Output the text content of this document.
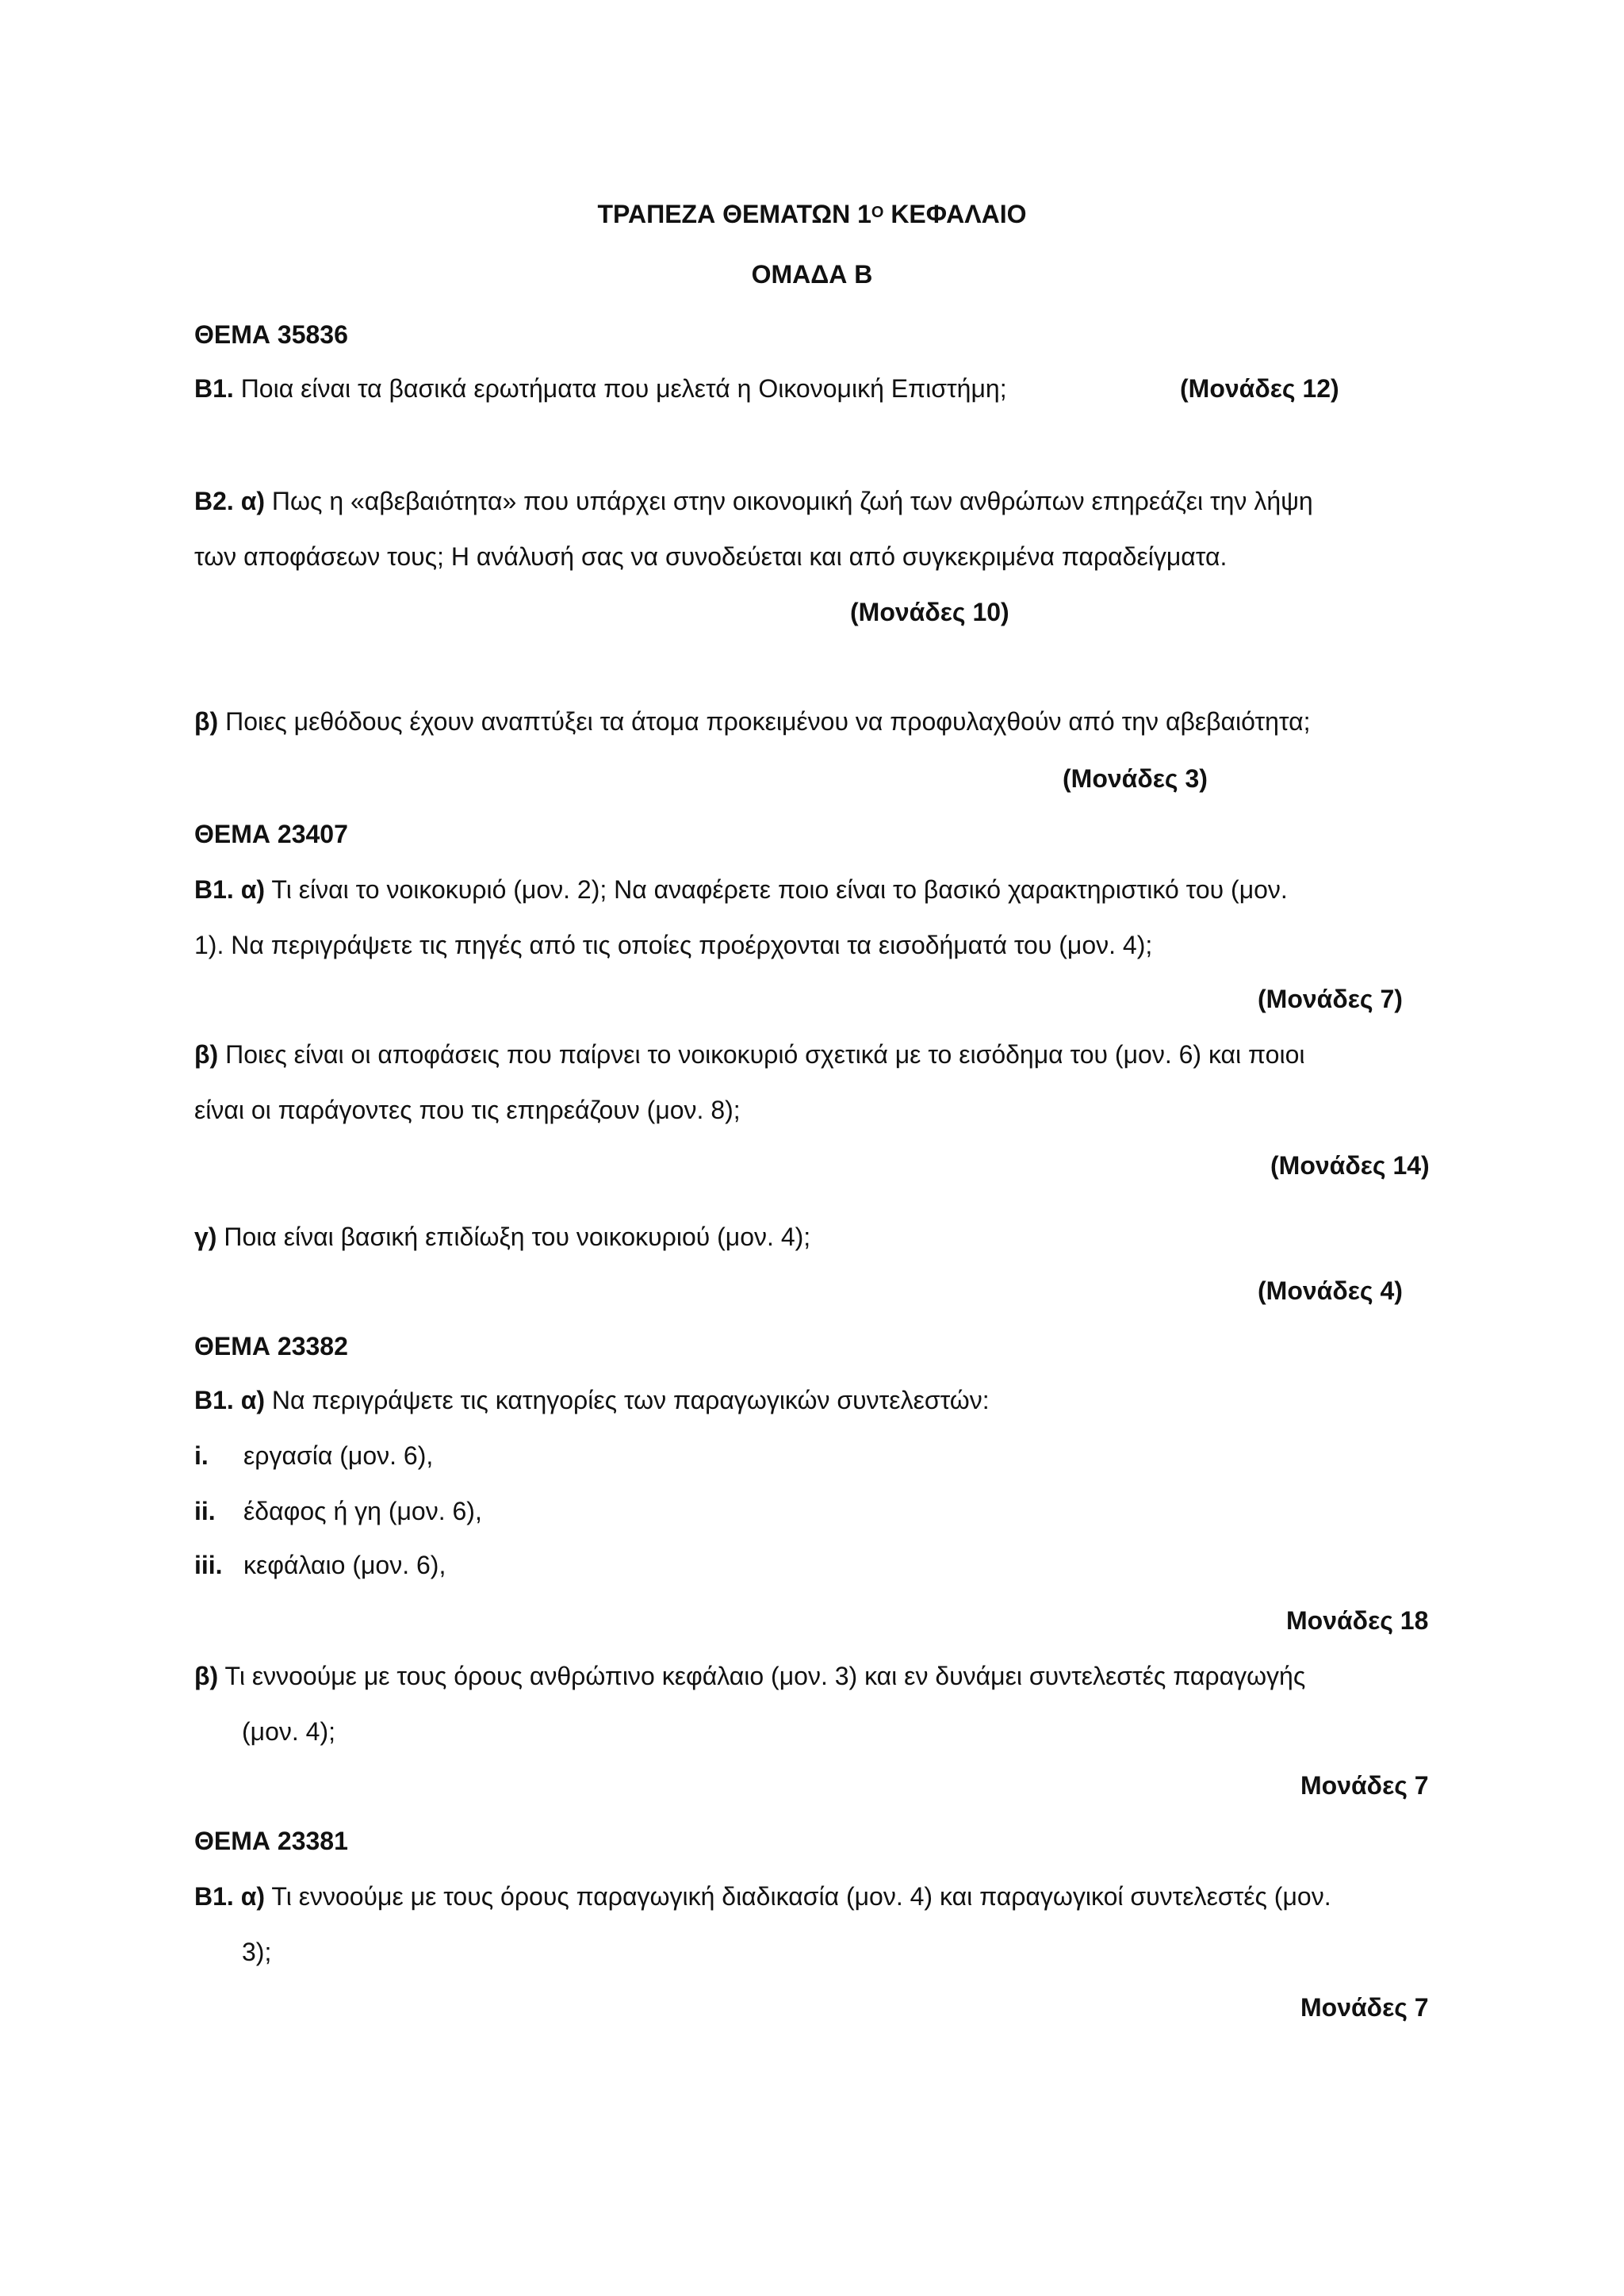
ΤΡΑΠΕΖΑ ΘΕΜΑΤΩΝ $1^O$ ΚΕΦΑΛΑΙΟ
ΟΜΑΔΑ Β
ΘΕΜΑ 35836
Β1. Ποια είναι τα βασικά ερωτήματα που μελετά η Οικονομική Επιστήμη;	(Μονάδες 12)
Β2. α) Πως η «αβεβαιότητα» που υπάρχει στην οικονομική ζωή των ανθρώπων επηρεάζει την λήψη
των αποφάσεων τους; Η ανάλυσή σας να συνοδεύεται και από συγκεκριμένα παραδείγματα.
(Μονάδες 10)
β) Ποιες μεθόδους έχουν αναπτύξει τα άτομα προκειμένου να προφυλαχθούν από την αβεβαιότητα;
(Μονάδες 3)
ΘΕΜΑ 23407
Β1. α) Τι είναι το νοικοκυριό (μον. 2); Να αναφέρετε ποιο είναι το βασικό χαρακτηριστικό του (μον.
1). Να περιγράψετε τις πηγές από τις οποίες προέρχονται τα εισοδήματά του (μον. 4);
(Μονάδες 7)
β) Ποιες είναι οι αποφάσεις που παίρνει το νοικοκυριό σχετικά με το εισόδημα του (μον. 6) και ποιοι
είναι οι παράγοντες που τις επηρεάζουν (μον. 8);
(Μονάδες 14)
γ) Ποια είναι βασική επιδίωξη του νοικοκυριού (μον. 4);
(Μονάδες 4)
ΘΕΜΑ 23382
Β1. α) Να περιγράψετε τις κατηγορίες των παραγωγικών συντελεστών:
i. εργασία (μον. 6),
ii. έδαφος ή γη (μον. 6),
iii. κεφάλαιο (μον. 6),
Μονάδες 18
β) Τι εννοούμε με τους όρους ανθρώπινο κεφάλαιο (μον. 3) και εν δυνάμει συντελεστές παραγωγής
(μον. 4);
Μονάδες 7
ΘΕΜΑ 23381
Β1. α) Τι εννοούμε με τους όρους παραγωγική διαδικασία (μον. 4) και παραγωγικοί συντελεστές (μον.
3);
Μονάδες 7
